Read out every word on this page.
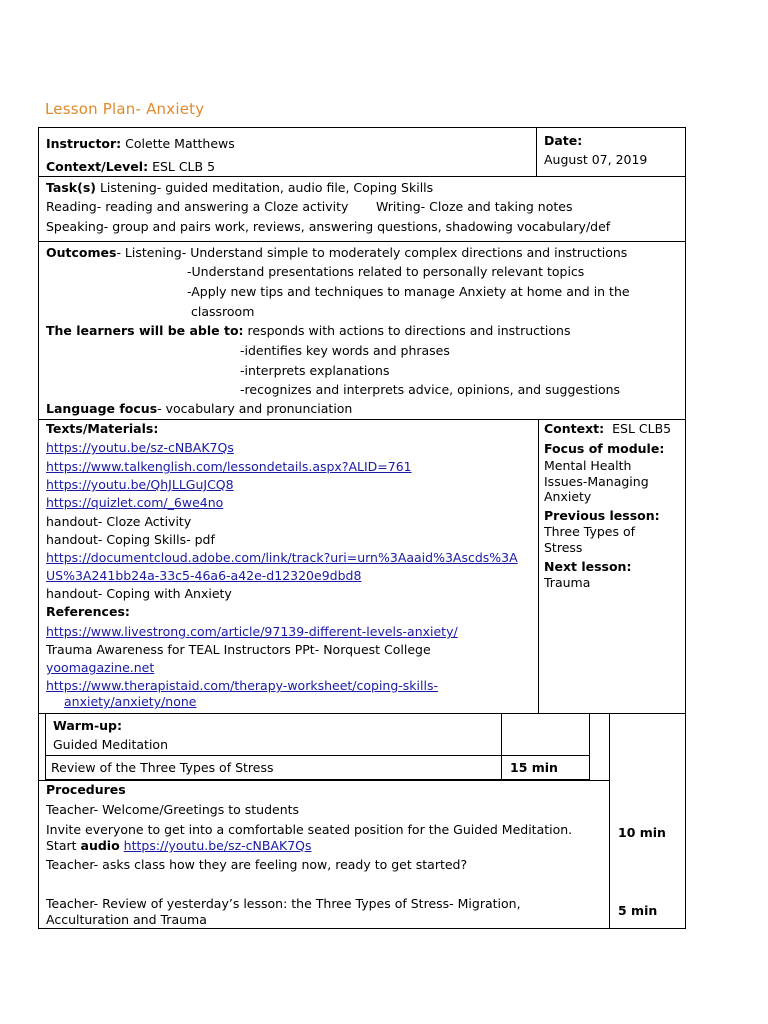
Lesson Plan- Anxiety
Instructor: Colette Matthews
Context/Level: ESL CLB 5
Date:
August 07, 2019
Task(s) Listening- guided meditation, audio file, Coping Skills
Reading- reading and answering a Cloze activity Writing- Cloze and taking notes
Speaking- group and pairs work, reviews, answering questions, shadowing vocabulary/def
Outcomes- Listening- Understand simple to moderately complex directions and instructions
-Understand presentations related to personally relevant topics
-Apply new tips and techniques to manage Anxiety at home and in the
classroom
The learners will be able to: responds with actions to directions and instructions
-identifies key words and phrases
-interprets explanations
-recognizes and interprets advice, opinions, and suggestions
Language focus- vocabulary and pronunciation
Texts/Materials:
https://youtu.be/sz-cNBAK7Qs
https://www.talkenglish.com/lessondetails.aspx?ALID=761
https://youtu.be/QhJLLGuJCQ8
https://quizlet.com/_6we4no
handout- Cloze Activity
handout- Coping Skills- pdf
https://documentcloud.adobe.com/link/track?uri=urn%3Aaaid%3Ascds%3A
US%3A241bb24a-33c5-46a6-a42e-d12320e9dbd8
handout- Coping with Anxiety
References:
https://www.livestrong.com/article/97139-different-levels-anxiety/
Trauma Awareness for TEAL Instructors PPt- Norquest College
yoomagazine.net
https://www.therapistaid.com/therapy-worksheet/coping-skills-
anxiety/anxiety/none
Context: ESL CLB5
Focus of module:
Mental Health
Issues-Managing
Anxiety
Previous lesson:
Three Types of
Stress
Next lesson:
Trauma
Warm-up:
Guided Meditation
Review of the Three Types of Stress	15 min
Procedures
Teacher- Welcome/Greetings to students
Invite everyone to get into a comfortable seated position for the Guided Meditation.
Start audio https://youtu.be/sz-cNBAK7Qs
Teacher- asks class how they are feeling now, ready to get started?
10 min
Teacher- Review of yesterday’s lesson: the Three Types of Stress- Migration,
Acculturation and Trauma
5 min
